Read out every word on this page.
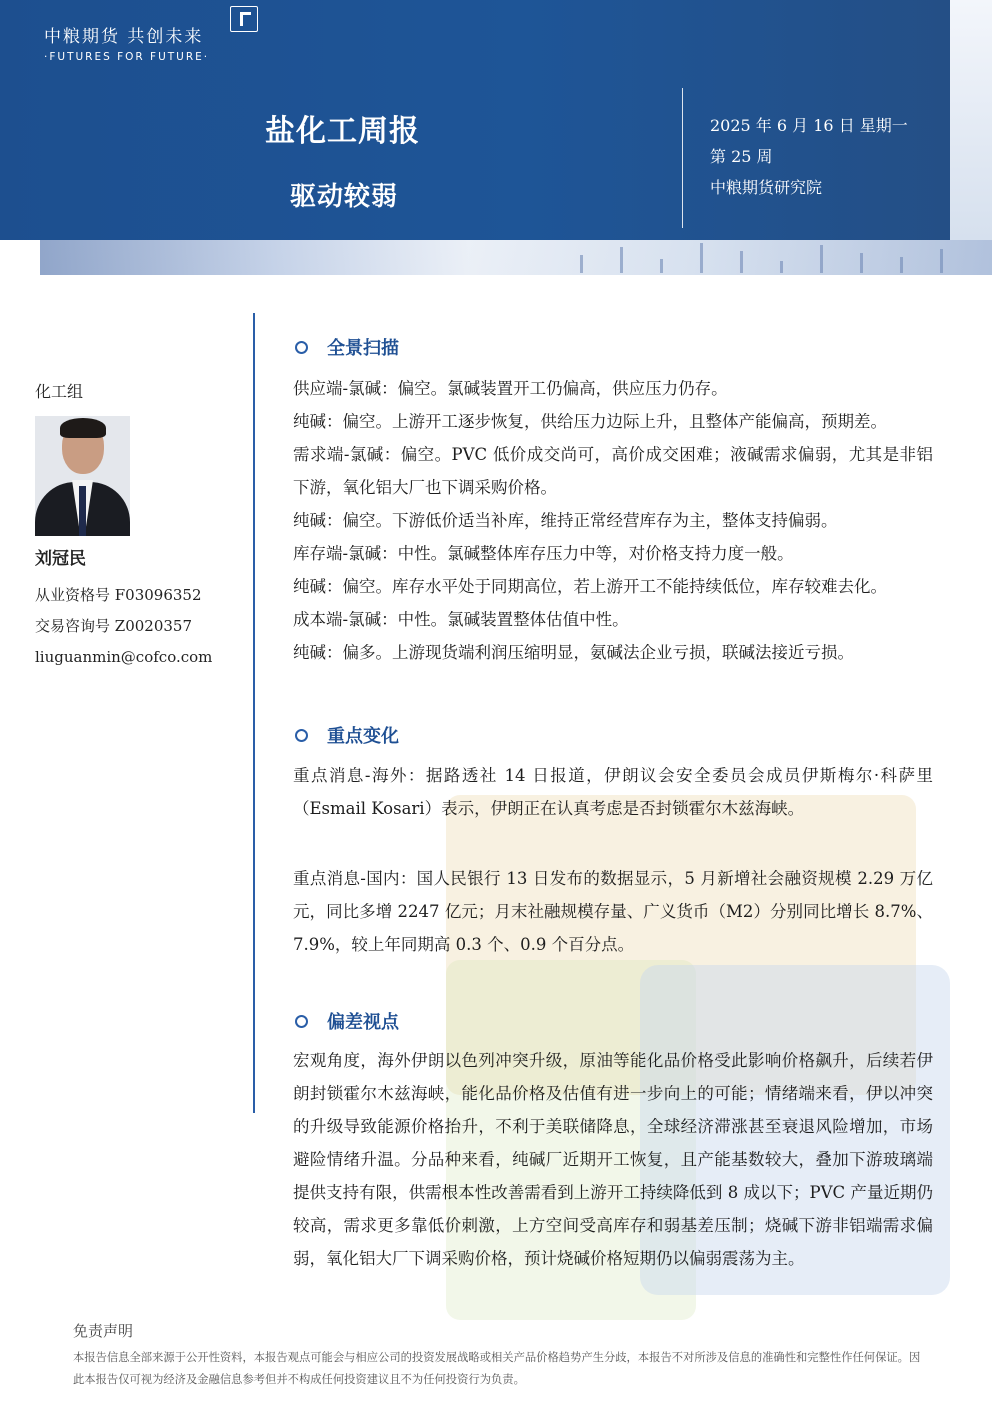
中粮期货 共创未来
·FUTURES FOR FUTURE·
盐化工周报
驱动较弱
2025 年 6 月 16 日 星期一
第 25 周
中粮期货研究院
化工组
刘冠民
从业资格号 F03096352
交易咨询号 Z0020357
liuguanmin@cofco.com
全景扫描

供应端-氯碱：偏空。氯碱装置开工仍偏高，供应压力仍存。

纯碱：偏空。上游开工逐步恢复，供给压力边际上升，且整体产能偏高，预期差。

需求端-氯碱：偏空。PVC 低价成交尚可，高价成交困难；液碱需求偏弱，尤其是非铝下游，氧化铝大厂也下调采购价格。

纯碱：偏空。下游低价适当补库，维持正常经营库存为主，整体支持偏弱。

库存端-氯碱：中性。氯碱整体库存压力中等，对价格支持力度一般。

纯碱：偏空。库存水平处于同期高位，若上游开工不能持续低位，库存较难去化。

成本端-氯碱：中性。氯碱装置整体估值中性。

纯碱：偏多。上游现货端利润压缩明显，氨碱法企业亏损，联碱法接近亏损。

重点变化

重点消息-海外：据路透社 14 日报道，伊朗议会安全委员会成员伊斯梅尔·科萨里（Esmail Kosari）表示，伊朗正在认真考虑是否封锁霍尔木兹海峡。

重点消息-国内：国人民银行 13 日发布的数据显示，5 月新增社会融资规模 2.29 万亿元，同比多增 2247 亿元；月末社融规模存量、广义货币（M2）分别同比增长 8.7%、7.9%，较上年同期高 0.3 个、0.9 个百分点。

偏差视点

宏观角度，海外伊朗以色列冲突升级，原油等能化品价格受此影响价格飙升，后续若伊朗封锁霍尔木兹海峡，能化品价格及估值有进一步向上的可能；情绪端来看，伊以冲突的升级导致能源价格抬升，不利于美联储降息，全球经济滞涨甚至衰退风险增加，市场避险情绪升温。分品种来看，纯碱厂近期开工恢复，且产能基数较大，叠加下游玻璃端提供支持有限，供需根本性改善需看到上游开工持续降低到 8 成以下；PVC 产量近期仍较高，需求更多靠低价刺激，上方空间受高库存和弱基差压制；烧碱下游非铝端需求偏弱，氧化铝大厂下调采购价格，预计烧碱价格短期仍以偏弱震荡为主。

免责声明
本报告信息全部来源于公开性资料，本报告观点可能会与相应公司的投资发展战略或相关产品价格趋势产生分歧，本报告不对所涉及信息的准确性和完整性作任何保证。因此本报告仅可视为经济及金融信息参考但并不构成任何投资建议且不为任何投资行为负责。
